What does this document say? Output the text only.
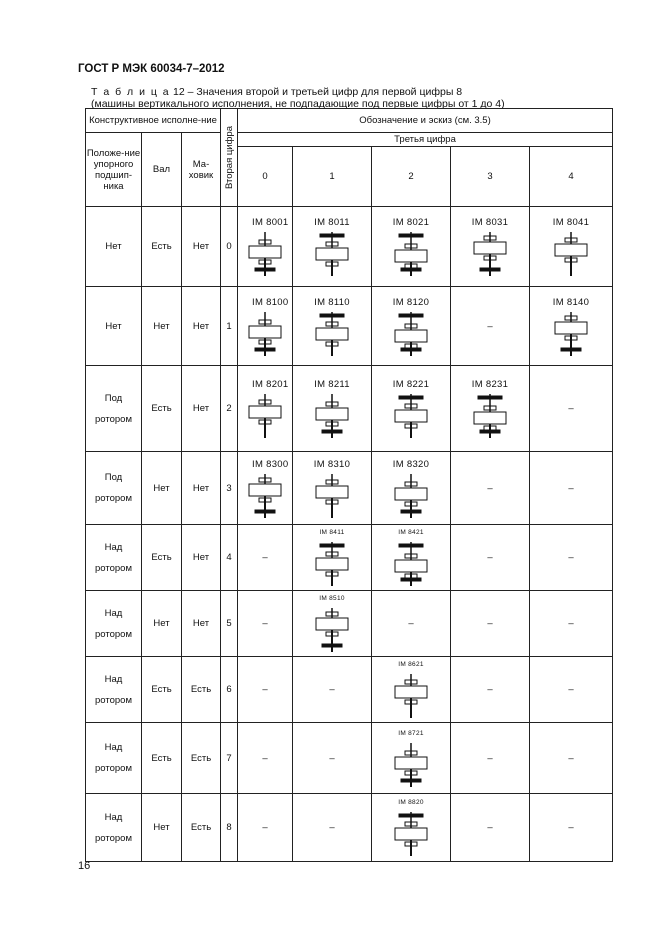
ГОСТ Р МЭК 60034-7–2012
Т а б л и ц а 12 – Значения второй и третьей цифр для первой цифры 8
(машины вертикального исполнения, не подпадающие под первые цифры от 1 до 4)
Конструктивное исполне-ние			Вторая цифра	Обозначение и эскиз (см. 3.5)				
Положе-ние упорного подшип-ника	Вал	Ма-ховик		Третья цифра				
				0	1	2	3	4

Нет	Есть	Нет	0	IM 8001	IM 8011	IM 8021	IM 8031	IM 8041

Нет	Нет	Нет	1	IM 8100	IM 8110	IM 8120	–	IM 8140

Под
ротором	Есть	Нет	2	IM 8201	IM 8211	IM 8221	IM 8231	–

Под
ротором	Нет	Нет	3	IM 8300	IM 8310	IM 8320	–	–

Над
ротором	Есть	Нет	4	–	IM 8411	IM 8421	–	–

Над
ротором	Нет	Нет	5	–	IM 8510	–	–	–

Над
ротором	Есть	Есть	6	–	–	IM 8621	–	–

Над
ротором	Есть	Есть	7	–	–	IM 8721	–	–

Над
ротором	Нет	Есть	8	–	–	IM 8820	–	–
16
